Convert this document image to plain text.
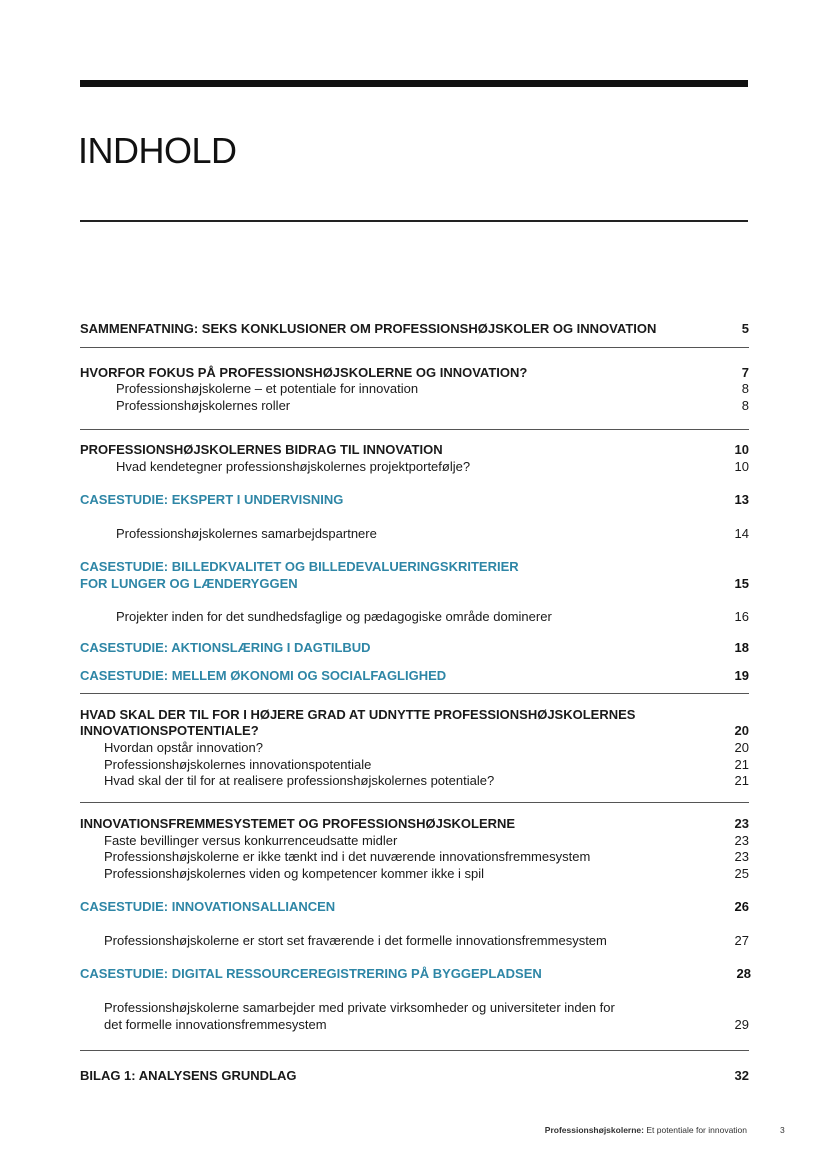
INDHOLD
SAMMENFATNING: SEKS KONKLUSIONER OM PROFESSIONSHØJSKOLER OG INNOVATION	5
HVORFOR FOKUS PÅ PROFESSIONSHØJSKOLERNE OG INNOVATION?	7
Professionshøjskolerne – et potentiale for innovation	8
Professionshøjskolernes roller	8
PROFESSIONSHØJSKOLERNES BIDRAG TIL INNOVATION	10
Hvad kendetegner professionshøjskolernes projektportefølje?	10
CASESTUDIE: EKSPERT I UNDERVISNING	13
Professionshøjskolernes samarbejdspartnere	14
CASESTUDIE: BILLEDKVALITET OG BILLEDEVALUERINGSKRITERIER
FOR LUNGER OG LÆNDERYGGEN	15
Projekter inden for det sundhedsfaglige og pædagogiske område dominerer	16
CASESTUDIE: AKTIONSLÆRING I DAGTILBUD	18
CASESTUDIE: MELLEM ØKONOMI OG SOCIALFAGLIGHED	19
HVAD SKAL DER TIL FOR I HØJERE GRAD AT UDNYTTE PROFESSIONSHØJSKOLERNES
INNOVATIONSPOTENTIALE?	20
Hvordan opstår innovation?	20
Professionshøjskolernes innovationspotentiale	21
Hvad skal der til for at realisere professionshøjskolernes potentiale?	21
INNOVATIONSFREMMESYSTEMET OG PROFESSIONSHØJSKOLERNE	23
Faste bevillinger versus konkurrenceudsatte midler	23
Professionshøjskolerne er ikke tænkt ind i det nuværende innovationsfremmesystem	23
Professionshøjskolernes viden og kompetencer kommer ikke i spil	25
CASESTUDIE: INNOVATIONSALLIANCEN	26
Professionshøjskolerne er stort set fraværende i det formelle innovationsfremmesystem	27
CASESTUDIE: DIGITAL RESSOURCEREGISTRERING PÅ BYGGEPLADSEN	28
Professionshøjskolerne samarbejder med private virksomheder og universiteter inden for
det formelle innovationsfremmesystem	29
BILAG 1: ANALYSENS GRUNDLAG	32
Professionshøjskolerne: Et potentiale for innovation	3
